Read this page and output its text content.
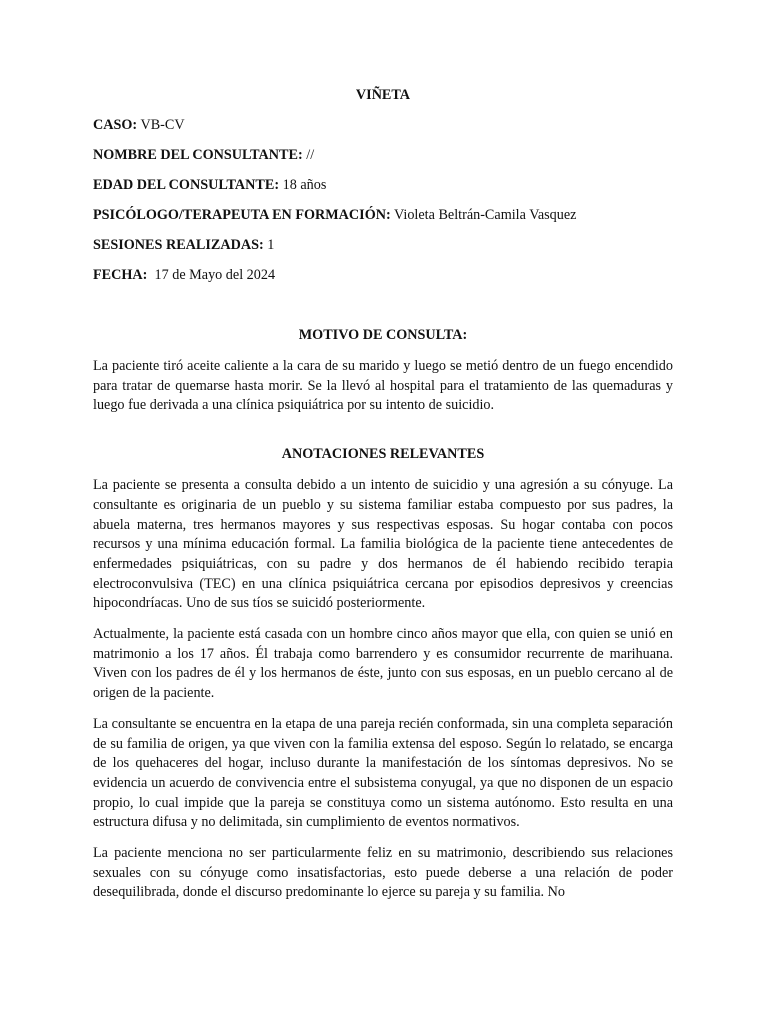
VIÑETA

CASO: VB-CV

NOMBRE DEL CONSULTANTE: //

EDAD DEL CONSULTANTE: 18 años

PSICÓLOGO/TERAPEUTA EN FORMACIÓN: Violeta Beltrán-Camila Vasquez

SESIONES REALIZADAS: 1

FECHA:  17 de Mayo del 2024

MOTIVO DE CONSULTA:

La paciente tiró aceite caliente a la cara de su marido y luego se metió dentro de un fuego encendido para tratar de quemarse hasta morir. Se la llevó al hospital para el tratamiento de las quemaduras y luego fue derivada a una clínica psiquiátrica por su intento de suicidio.

ANOTACIONES RELEVANTES

La paciente se presenta a consulta debido a un intento de suicidio y una agresión a su cónyuge. La consultante es originaria de un pueblo y su sistema familiar estaba compuesto por sus padres, la abuela materna, tres hermanos mayores y sus respectivas esposas. Su hogar contaba con pocos recursos y una mínima educación formal. La familia biológica de la paciente tiene antecedentes de enfermedades psiquiátricas, con su padre y dos hermanos de él habiendo recibido terapia electroconvulsiva (TEC) en una clínica psiquiátrica cercana por episodios depresivos y creencias hipocondríacas. Uno de sus tíos se suicidó posteriormente.

Actualmente, la paciente está casada con un hombre cinco años mayor que ella, con quien se unió en matrimonio a los 17 años. Él trabaja como barrendero y es consumidor recurrente de marihuana. Viven con los padres de él y los hermanos de éste, junto con sus esposas, en un pueblo cercano al de origen de la paciente.

La consultante se encuentra en la etapa de una pareja recién conformada, sin una completa separación de su familia de origen, ya que viven con la familia extensa del esposo. Según lo relatado, se encarga de los quehaceres del hogar, incluso durante la manifestación de los síntomas depresivos. No se evidencia un acuerdo de convivencia entre el subsistema conyugal, ya que no disponen de un espacio propio, lo cual impide que la pareja se constituya como un sistema autónomo. Esto resulta en una estructura difusa y no delimitada, sin cumplimiento de eventos normativos.

La paciente menciona no ser particularmente feliz en su matrimonio, describiendo sus relaciones sexuales con su cónyuge como insatisfactorias, esto puede deberse a una relación de poder desequilibrada, donde el discurso predominante lo ejerce su pareja y su familia. No
